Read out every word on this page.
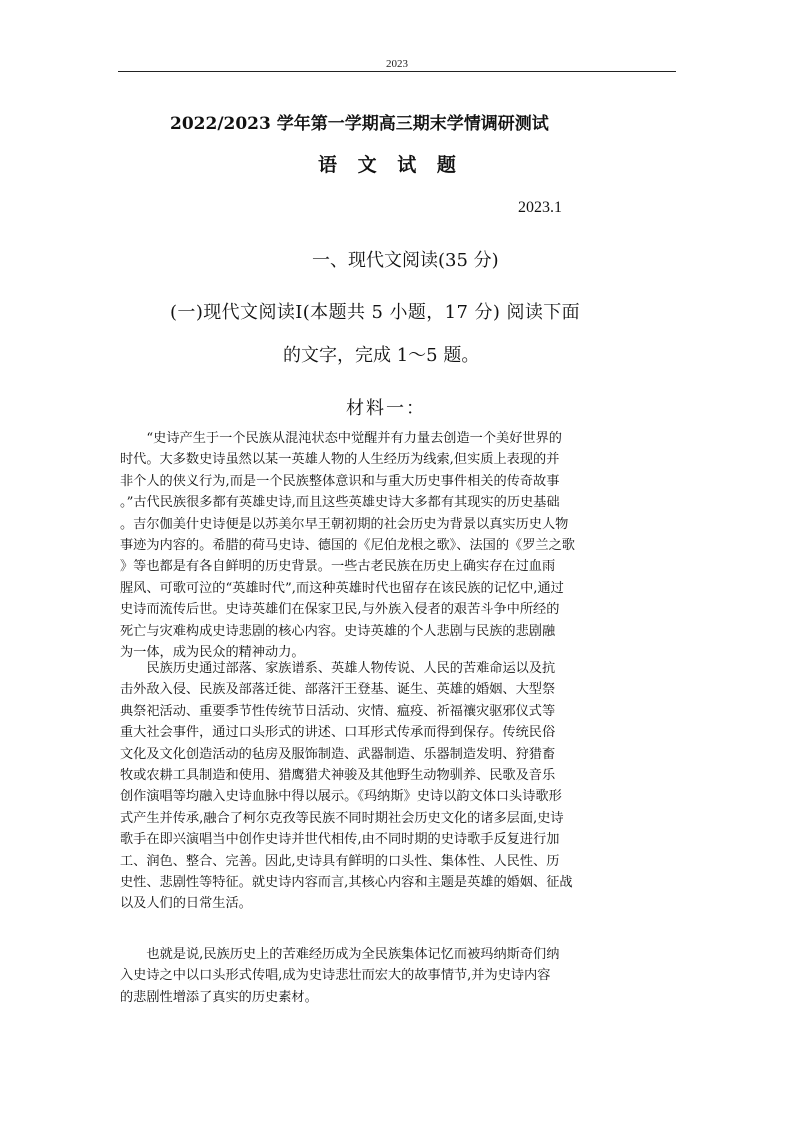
2023
2022/2023 学年第一学期高三期末学情调研测试
语 文 试 题
2023.1
一、现代文阅读(35 分)
(一)现代文阅读Ⅰ(本题共 5 小题，17 分) 阅读下面
的文字，完成 1～5 题。
材料一：
“史诗产生于一个民族从混沌状态中觉醒并有力量去创造一个美好世界的
时代。大多数史诗虽然以某一英雄人物的人生经历为线索,但实质上表现的并
非个人的侠义行为,而是一个民族整体意识和与重大历史事件相关的传奇故事
。”古代民族很多都有英雄史诗,而且这些英雄史诗大多都有其现实的历史基础
。吉尔伽美什史诗便是以苏美尔早王朝初期的社会历史为背景以真实历史人物
事迹为内容的。希腊的荷马史诗、德国的《尼伯龙根之歌》、法国的《罗兰之歌
》等也都是有各自鲜明的历史背景。一些古老民族在历史上确实存在过血雨
腥风、可歌可泣的“英雄时代”,而这种英雄时代也留存在该民族的记忆中,通过
史诗而流传后世。史诗英雄们在保家卫民,与外族入侵者的艰苦斗争中所经的
死亡与灾难构成史诗悲剧的核心内容。史诗英雄的个人悲剧与民族的悲剧融
为一体，成为民众的精神动力。
民族历史通过部落、家族谱系、英雄人物传说、人民的苦难命运以及抗
击外敌入侵、民族及部落迁徙、部落汗王登基、诞生、英雄的婚姻、大型祭
典祭祀活动、重要季节性传统节日活动、灾情、瘟疫、祈福禳灾驱邪仪式等
重大社会事件，通过口头形式的讲述、口耳形式传承而得到保存。传统民俗
文化及文化创造活动的毡房及服饰制造、武器制造、乐器制造发明、狩猎畜
牧或农耕工具制造和使用、猎鹰猎犬神骏及其他野生动物驯养、民歌及音乐
创作演唱等均融入史诗血脉中得以展示。《玛纳斯》史诗以韵文体口头诗歌形
式产生并传承,融合了柯尔克孜等民族不同时期社会历史文化的诸多层面,史诗
歌手在即兴演唱当中创作史诗并世代相传,由不同时期的史诗歌手反复进行加
工、润色、整合、完善。因此,史诗具有鲜明的口头性、集体性、人民性、历
史性、悲剧性等特征。就史诗内容而言,其核心内容和主题是英雄的婚姻、征战
以及人们的日常生活。
也就是说,民族历史上的苦难经历成为全民族集体记忆而被玛纳斯奇们纳
入史诗之中以口头形式传唱,成为史诗悲壮而宏大的故事情节,并为史诗内容
的悲剧性增添了真实的历史素材。
